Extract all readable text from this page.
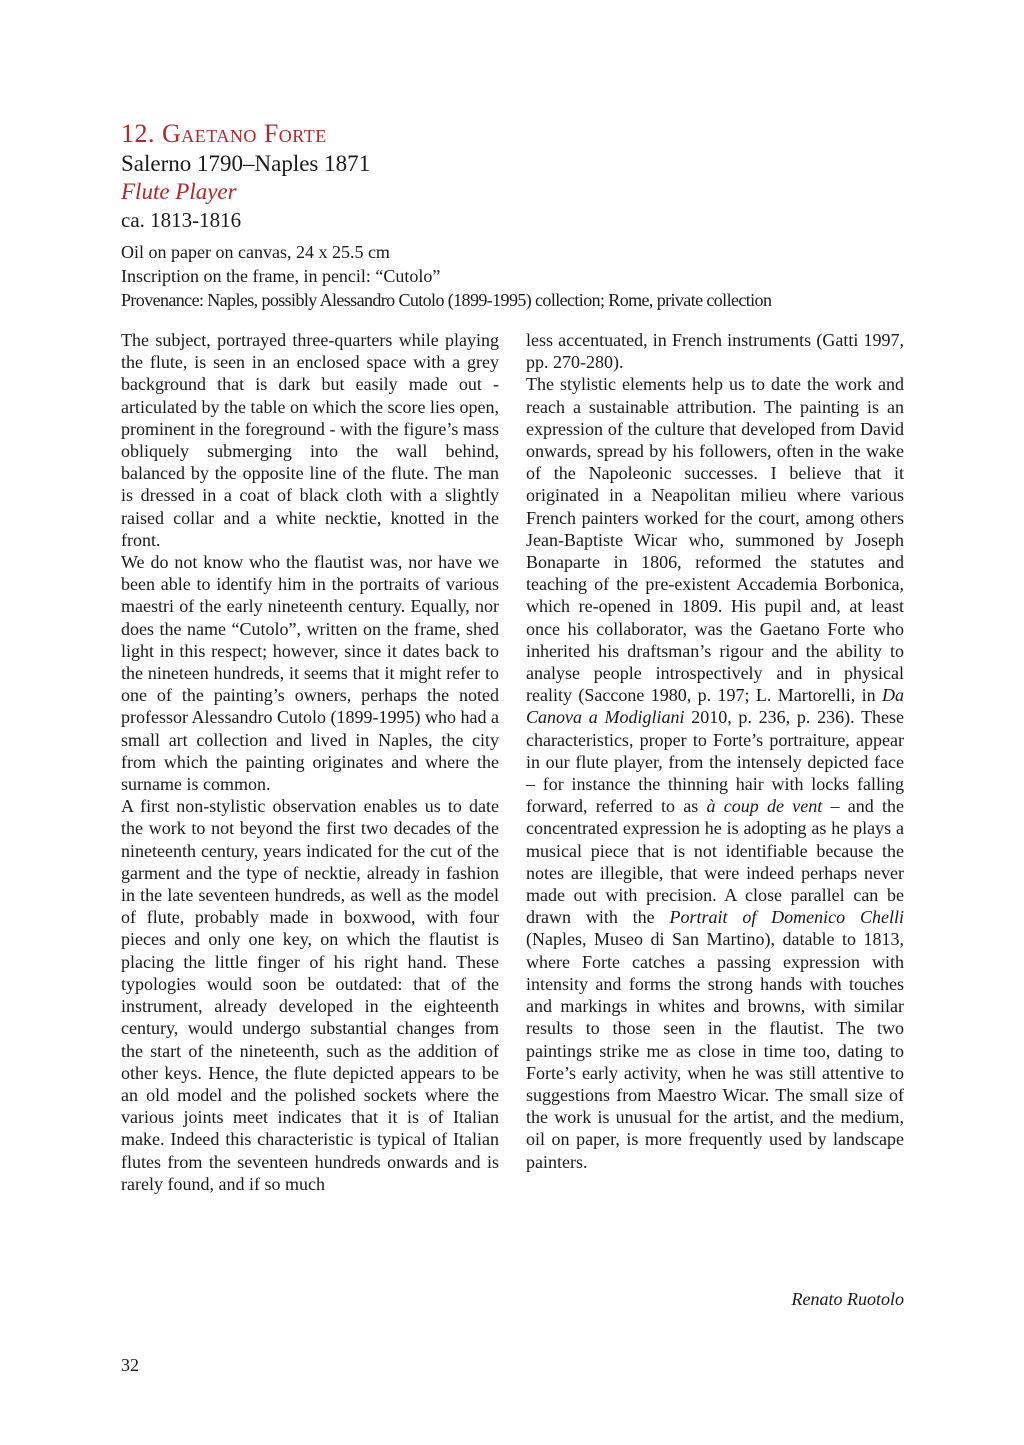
12. Gaetano Forte

Salerno 1790–Naples 1871

Flute Player

ca. 1813-1816

Oil on paper on canvas, 24 x 25.5 cm

Inscription on the frame, in pencil: “Cutolo”

Provenance: Naples, possibly Alessandro Cutolo (1899-1995) collection; Rome, private collection

The subject, portrayed three-quarters while playing the flute, is seen in an enclosed space with a grey background that is dark but easily made out - articulated by the table on which the score lies open, prominent in the foreground - with the figure’s mass obliquely submerging into the wall behind, balanced by the opposite line of the flute. The man is dressed in a coat of black cloth with a slightly raised collar and a white necktie, knotted in the front.

We do not know who the flautist was, nor have we been able to identify him in the portraits of various maestri of the early nineteenth century. Equally, nor does the name “Cutolo”, written on the frame, shed light in this respect; however, since it dates back to the nineteen hundreds, it seems that it might refer to one of the painting’s owners, perhaps the noted professor Alessandro Cutolo (1899-1995) who had a small art collection and lived in Naples, the city from which the painting originates and where the surname is common.

A first non-stylistic observation enables us to date the work to not beyond the first two decades of the nineteenth century, years indicated for the cut of the garment and the type of necktie, already in fashion in the late seventeen hundreds, as well as the model of flute, probably made in boxwood, with four pieces and only one key, on which the flautist is placing the little finger of his right hand. These typologies would soon be outdated: that of the instrument, already developed in the eighteenth century, would undergo substantial changes from the start of the nineteenth, such as the addition of other keys. Hence, the flute depicted appears to be an old model and the polished sockets where the various joints meet indicates that it is of Italian make. Indeed this characteristic is typical of Italian flutes from the seventeen hundreds onwards and is rarely found, and if so much

less accentuated, in French instruments (Gatti 1997, pp. 270-280).

The stylistic elements help us to date the work and reach a sustainable attribution. The painting is an expression of the culture that developed from David onwards, spread by his followers, often in the wake of the Napoleonic successes. I believe that it originated in a Neapolitan milieu where various French painters worked for the court, among others Jean-Baptiste Wicar who, summoned by Joseph Bonaparte in 1806, reformed the statutes and teaching of the pre-existent Accademia Borbonica, which re-opened in 1809. His pupil and, at least once his collaborator, was the Gaetano Forte who inherited his draftsman’s rigour and the ability to analyse people introspectively and in physical reality (Saccone 1980, p. 197; L. Martorelli, in Da Canova a Modigliani 2010, p. 236, p. 236). These characteristics, proper to Forte’s portraiture, appear in our flute player, from the intensely depicted face – for instance the thinning hair with locks falling forward, referred to as à coup de vent – and the concentrated expression he is adopting as he plays a musical piece that is not identifiable because the notes are illegible, that were indeed perhaps never made out with precision. A close parallel can be drawn with the Portrait of Domenico Chelli (Naples, Museo di San Martino), datable to 1813, where Forte catches a passing expression with intensity and forms the strong hands with touches and markings in whites and browns, with similar results to those seen in the flautist. The two paintings strike me as close in time too, dating to Forte’s early activity, when he was still attentive to suggestions from Maestro Wicar. The small size of the work is unusual for the artist, and the medium, oil on paper, is more frequently used by landscape painters.

Renato Ruotolo
32
